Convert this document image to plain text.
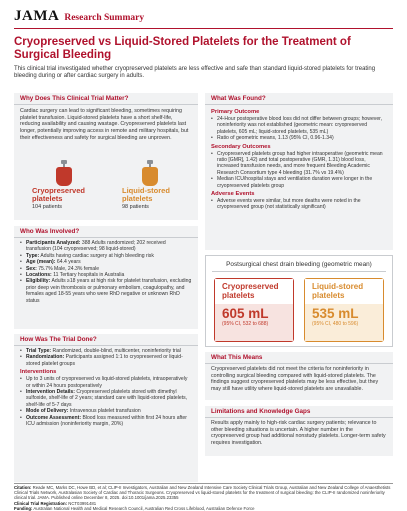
JAMA Research Summary
Cryopreserved vs Liquid-Stored Platelets for the Treatment of Surgical Bleeding
This clinical trial investigated whether cryopreserved platelets are less effective and safe than standard liquid-stored platelets for treating bleeding during or after cardiac surgery in adults.
Why Does This Clinical Trial Matter?
Cardiac surgery can lead to significant bleeding, sometimes requiring platelet transfusion. Liquid-stored platelets have a short shelf-life, reducing availability and causing wastage. Cryopreserved platelets last longer, potentially improving access in remote and military hospitals, but their effectiveness and safety for surgical bleeding are unproven.
Cryopreserved platelets
104 patients
Liquid-stored platelets
98 patients
What Was Found?
Primary Outcome
• 24-Hour postoperative blood loss did not differ between groups; however, noninferiority was not established (geometric mean: cryopreserved platelets, 605 mL; liquid-stored platelets, 535 mL)
• Ratio of geometric means, 1.13 (95% CI, 0.96-1.34)
Secondary Outcomes
• Cryopreserved platelets group had higher intraoperative (geometric mean ratio [GMR], 1.42) and total postoperative (GMR, 1.31) blood loss, increased transfusion needs, and more frequent Bleeding Academic Research Consortium type 4 bleeding (31.7% vs 19.4%)
• Median ICU/hospital stays and ventilation duration were longer in the cryopreserved platelets group
Adverse Events
• Adverse events were similar, but more deaths were noted in the cryopreserved group (not statistically significant)
Who Was Involved?
• Participants Analyzed: 388 Adults randomized; 202 received transfusion (104 cryopreserved; 98 liquid-stored)
• Type: Adults having cardiac surgery at high bleeding risk
• Age (mean): 64.4 years
• Sex: 75.7% Male, 24.3% female
• Locations: 11 Tertiary hospitals in Australia
• Eligibility: Adults ≥18 years at high risk for platelet transfusion, excluding prior deep vein thrombosis or pulmonary embolism, coagulopathy, and females aged 18-55 years who were RhD negative or unknown RhD status
Postsurgical chest drain bleeding (geometric mean)
Cryopreserved platelets
605 mL
(95% CI, 532 to 688)
Liquid-stored platelets
535 mL
(95% CI, 480 to 596)
How Was The Trial Done?
• Trial Type: Randomized, double-blind, multicenter, noninferiority trial
• Randomization: Participants assigned 1:1 to cryopreserved or liquid-stored platelet groups
Interventions
• Up to 3 units of cryopreserved vs liquid-stored platelets, intraoperatively or within 24 hours postoperatively
• Intervention Details: Cryopreserved platelets stored with dimethyl sulfoxide, shelf-life of 2 years; standard care with liquid-stored platelets, shelf-life of 5-7 days
• Mode of Delivery: Intravenous platelet transfusion
• Outcome Assessment: Blood loss measured within first 24 hours after ICU admission (noninferiority margin, 20%)
What This Means
Cryopreserved platelets did not meet the criteria for noninferiority in controlling surgical bleeding compared with liquid-stored platelets. The findings suggest cryopreserved platelets may be less effective, but they may still have utility where liquid-stored platelets are unavailable.
Limitations and Knowledge Gaps
Results apply mainly to high-risk cardiac surgery patients; relevance to other bleeding situations is uncertain. A higher number in the cryopreserved group had additional nonstudy platelets. Longer-term safety requires investigation.
Citation: Reade MC, Marks DC, Howe BD, et al; CLIP-II Investigators, Australian and New Zealand Intensive Care Society Clinical Trials Group, Australian and New Zealand College of Anaesthetists Clinical Trials Network, Australasian Society of Cardiac and Thoracic Surgeons. Cryopreserved vs liquid-stored platelets for the treatment of surgical bleeding: the CLIP-II randomized noninferiority clinical trial. JAMA. Published online December 8, 2025. doi:10.1001/jama.2025.23355
Clinical Trial Registration: NCT03991481
Funding: Australian National Health and Medical Research Council, Australian Red Cross Lifeblood, Australian Defence Force
